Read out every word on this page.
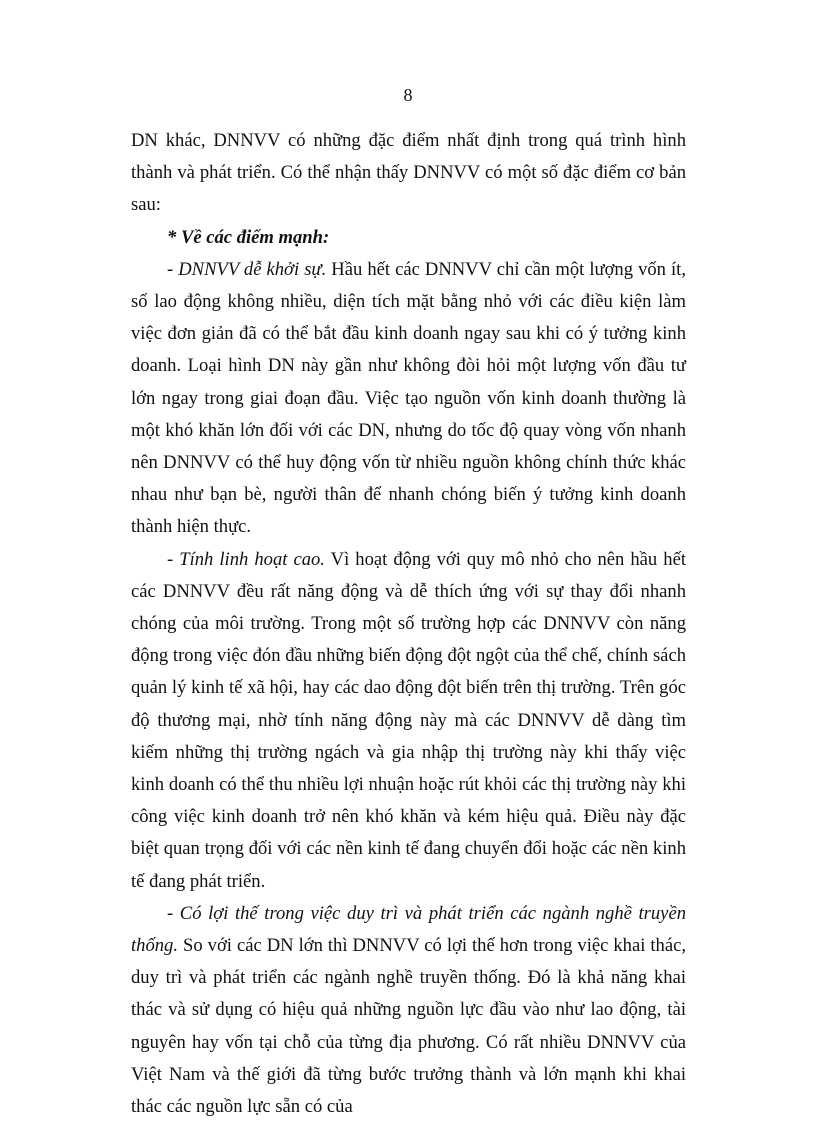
8

DN khác, DNNVV có những đặc điểm nhất định trong quá trình hình thành và phát triển. Có thể nhận thấy DNNVV có một số đặc điểm cơ bản sau:

* Về các điểm mạnh:

- DNNVV dễ khởi sự. Hầu hết các DNNVV chỉ cần một lượng vốn ít, số lao động không nhiều, diện tích mặt bằng nhỏ với các điều kiện làm việc đơn giản đã có thể bắt đầu kinh doanh ngay sau khi có ý tưởng kinh doanh. Loại hình DN này gần như không đòi hỏi một lượng vốn đầu tư lớn ngay trong giai đoạn đầu. Việc tạo nguồn vốn kinh doanh thường là một khó khăn lớn đối với các DN, nhưng do tốc độ quay vòng vốn nhanh nên DNNVV có thể huy động vốn từ nhiều nguồn không chính thức khác nhau như bạn bè, người thân để nhanh chóng biến ý tưởng kinh doanh thành hiện thực.

- Tính linh hoạt cao. Vì hoạt động với quy mô nhỏ cho nên hầu hết các DNNVV đều rất năng động và dễ thích ứng với sự thay đổi nhanh chóng của môi trường. Trong một số trường hợp các DNNVV còn năng động trong việc đón đầu những biến động đột ngột của thể chế, chính sách quản lý kinh tế xã hội, hay các dao động đột biến trên thị trường. Trên góc độ thương mại, nhờ tính năng động này mà các DNNVV dễ dàng tìm kiếm những thị trường ngách và gia nhập thị trường này khi thấy việc kinh doanh có thể thu nhiều lợi nhuận hoặc rút khỏi các thị trường này khi công việc kinh doanh trở nên khó khăn và kém hiệu quả. Điều này đặc biệt quan trọng đối với các nền kinh tế đang chuyển đổi hoặc các nền kinh tế đang phát triển.

- Có lợi thế trong việc duy trì và phát triển các ngành nghề truyền thống. So với các DN lớn thì DNNVV có lợi thế hơn trong việc khai thác, duy trì và phát triển các ngành nghề truyền thống. Đó là khả năng khai thác và sử dụng có hiệu quả những nguồn lực đầu vào như lao động, tài nguyên hay vốn tại chỗ của từng địa phương. Có rất nhiều DNNVV của Việt Nam và thế giới đã từng bước trưởng thành và lớn mạnh khi khai thác các nguồn lực sẵn có của
